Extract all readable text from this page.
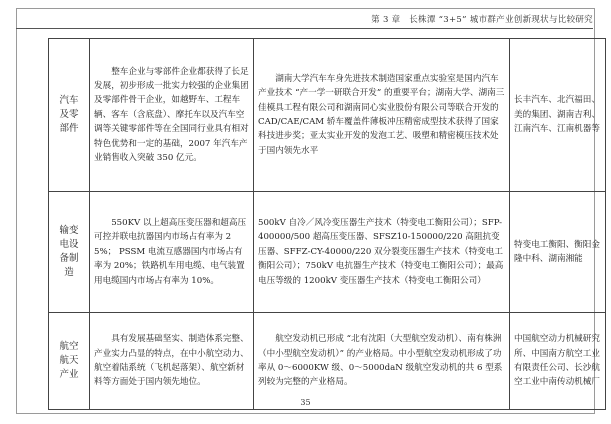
第 3 章　长株潭 “3+5” 城市群产业创新现状与比较研究
汽车及零部件	整车企业与零部件企业都获得了长足发展，初步形成一批实力较强的企业集团及零部件骨干企业，如越野车、工程车辆、客车（含底盘）、摩托车以及汽车空调等关键零部件等在全国同行业具有相对特色优势和一定的基础，2007 年汽车产业销售收入突破 350 亿元。	湖南大学汽车车身先进技术制造国家重点实验室是国内汽车产业技术 “产一学一研联合开发” 的重要平台；湖南大学、湖南三佳模具工程有限公司和湖南同心实业股份有限公司等联合开发的 CAD/CAE/CAM 轿车覆盖件薄板冲压精密成型技术获得了国家科技进步奖；亚太实业开发的发泡工艺、吸塑和精密模压技术处于国内领先水平	长丰汽车、北汽福田、美的集团、湖南吉利、江南汽车、江南机器等
输变电设备制造	550KV 以上超高压变压器和超高压可控并联电抗器国内市场占有率为 25%； PSSM 电流互感器国内市场占有率为 20%；铁路机车用电缆、电气装置用电缆国内市场占有率为 10%。	500kV 自冷／风冷变压器生产技术（特变电工衡阳公司）；SFP-400000/500 超高压变压器、SFSZ10-150000/220 高阻抗变压器、SFFZ-CY-40000/220 双分裂变压器生产技术（特变电工衡阳公司）；750kV 电抗器生产技术（特变电工衡阳公司）；最高电压等级的 1200kV 变压器生产技术（特变电工衡阳公司）	特变电工衡阳、衡阳金隆中科、湖南湘能
航空航天产业	具有发展基础坚实、制造体系完整、产业实力凸显的特点，在中小航空动力、航空着陆系统（飞机起落架）、航空新材料等方面处于国内领先地位。	航空发动机已形成 “北有沈阳（大型航空发动机）、南有株洲（中小型航空发动机）” 的产业格局。中小型航空发动机形成了功率从 0～6000KW 级、0～5000daN 级航空发动机的共 6 型系列较为完整的产业格局。	中国航空动力机械研究所、中国南方航空工业有限责任公司、长沙航空工业中南传动机械厂
35
